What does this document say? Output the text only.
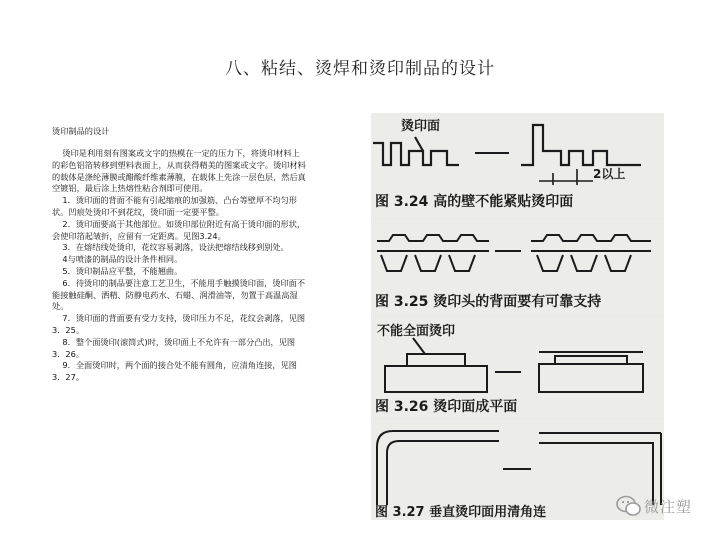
八、粘结、烫焊和烫印制品的设计
烫印制品的设计

烫印是利用刻有图案或文字的热模在一定的压力下，将烫印材料上的彩色铝箔转移到塑料表面上，从而获得精美的图案或文字。烫印材料的载体是涤纶薄膜或醋酸纤维素薄膜，在载体上先涂一层色层，然后真空镀铝，最后涂上热熔性粘合剂即可使用。

1．烫印面的背面不能有引起缩痕的加强筋、凸台等壁厚不均匀形状。凹痕处烫印不到花纹，烫印面一定要平整。

2．烫印面要高于其他部位。如烫印部位附近有高于烫印面的形状，会使印箔起皱折，应留有一定距离。见图3.24。

3．在熔结线处烫印，花纹容易剥落，设法把熔结线移到别处。

4与喷漆的制品的设计条件相同。

5．烫印制品应平整，不能翘曲。

6．待烫印的制品要注意工艺卫生，不能用手触摸烫印面，烫印面不能接触硅酮、洒精、防静电药水、石蜡、润滑油等，勿置于高温高湿处。

7．烫印面的背面要有受力支持，烫印压力不足，花纹会剥落，见图3．25。

8．整个面烫印(滚筒式)时，烫印面上不允许有一部分凸出，见图3．26。

9．全面烫印时，两个面的接合处不能有圆角，应清角连接，见图3．27。

烫印面
2以上
图 3.24 高的壁不能紧贴烫印面
图 3.25 烫印头的背面要有可靠支持
不能全面烫印
图 3.26 烫印面成平面
图 3.27 垂直烫印面用清角连	微注塑
